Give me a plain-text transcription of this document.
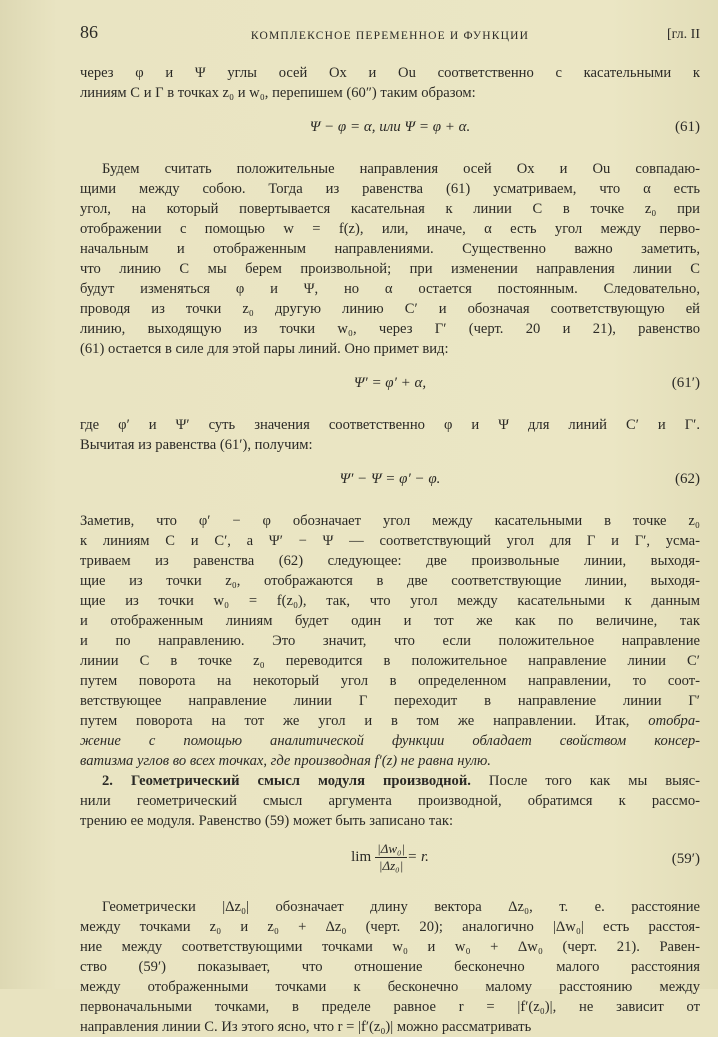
86	КОМПЛЕКСНОЕ ПЕРЕМЕННОЕ И ФУНКЦИИ	[гл. II
через φ и Ψ углы осей Ox и Ou соответственно с касательными к
линиям C и Γ в точках z₀ и w₀, перепишем (60″) таким образом:
Ψ − φ = α, или Ψ = φ + α.	(61)
Будем считать положительные направления осей Ox и Ou совпадаю-
щими между собою. Тогда из равенства (61) усматриваем, что α есть
угол, на который повертывается касательная к линии C в точке z₀ при
отображении с помощью w = f(z), или, иначе, α есть угол между перво-
начальным и отображенным направлениями. Существенно важно заметить,
что линию C мы берем произвольной; при изменении направления линии C
будут изменяться φ и Ψ, но α остается постоянным. Следовательно,
проводя из точки z₀ другую линию C′ и обозначая соответствующую ей
линию, выходящую из точки w₀, через Γ′ (черт. 20 и 21), равенство
(61) остается в силе для этой пары линий. Оно примет вид:
Ψ′ = φ′ + α,	(61′)
где φ′ и Ψ′ суть значения соответственно φ и Ψ для линий C′ и Γ′.
Вычитая из равенства (61′), получим:
Ψ′ − Ψ = φ′ − φ.	(62)
Заметив, что φ′ − φ обозначает угол между касательными в точке z₀
к линиям C и C′, а Ψ′ − Ψ — соответствующий угол для Γ и Γ′, усма-
триваем из равенства (62) следующее: две произвольные линии, выходя-
щие из точки z₀, отображаются в две соответствующие линии, выходя-
щие из точки w₀ = f(z₀), так, что угол между касательными к данным
и отображенным линиям будет один и тот же как по величине, так
и по направлению. Это значит, что если положительное направление
линии C в точке z₀ переводится в положительное направление линии C′
путем поворота на некоторый угол в определенном направлении, то соот-
ветствующее направление линии Γ переходит в направление линии Γ′
путем поворота на тот же угол и в том же направлении. Итак, отобра-
жение с помощью аналитической функции обладает свойством консер-
ватизма углов во всех точках, где производная f′(z) не равна нулю.
2. Геометрический смысл модуля производной. После того как мы выяс-
нили геометрический смысл аргумента производной, обратимся к рассмо-
трению ее модуля. Равенство (59) может быть записано так:
$\lim \frac{\text{|Δw₀|}}{\text{|Δz₀|}} = r$.	(59′)
Геометрически |Δz₀| обозначает длину вектора Δz₀, т. е. расстояние
между точками z₀ и z₀ + Δz₀ (черт. 20); аналогично |Δw₀| есть расстоя-
ние между соответствующими точками w₀ и w₀ + Δw₀ (черт. 21). Равен-
ство (59′) показывает, что отношение бесконечно малого расстояния
между отображенными точками к бесконечно малому расстоянию между
первоначальными точками, в пределе равное r = |f′(z₀)|, не зависит от
направления линии C. Из этого ясно, что r = |f′(z₀)| можно рассматривать
